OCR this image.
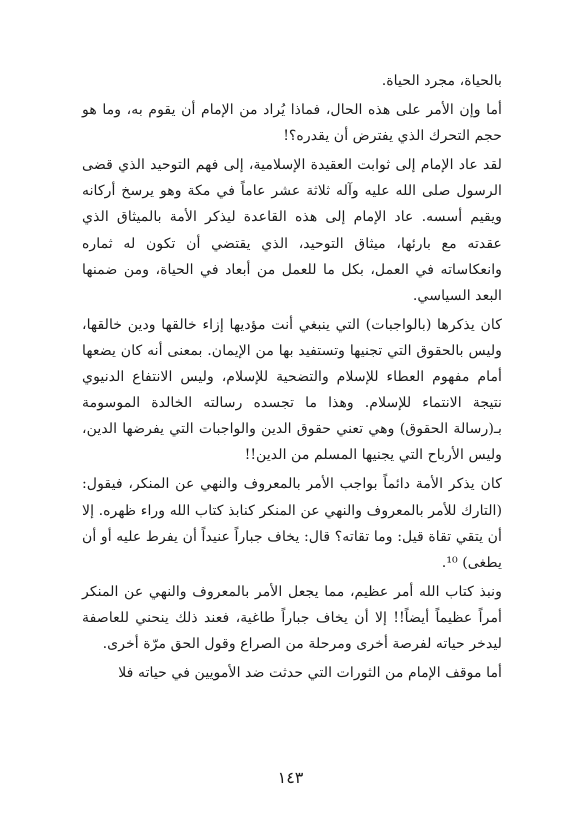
بالحياة، مجرد الحياة.

أما وإن الأمر على هذه الحال، فماذا يُراد من الإمام أن يقوم به، وما هو حجم التحرك الذي يفترض أن يقدره؟!

لقد عاد الإمام إلى ثوابت العقيدة الإسلامية، إلى فهم التوحيد الذي قضى الرسول صلى الله عليه وآله ثلاثة عشر عاماً في مكة وهو يرسخ أركانه ويقيم أسسه. عاد الإمام إلى هذه القاعدة ليذكر الأمة بالميثاق الذي عقدته مع بارئها، ميثاق التوحيد، الذي يقتضي أن تكون له ثماره وانعكاساته في العمل، بكل ما للعمل من أبعاد في الحياة، ومن ضمنها البعد السياسي.

كان يذكرها (بالواجبات) التي ينبغي أنت مؤديها إزاء خالقها ودين خالقها، وليس بالحقوق التي تجنيها وتستفيد بها من الإيمان. بمعنى أنه كان يضعها أمام مفهوم العطاء للإسلام والتضحية للإسلام، وليس الانتفاع الدنيوي نتيجة الانتماء للإسلام. وهذا ما تجسده رسالته الخالدة الموسومة بـ(رسالة الحقوق) وهي تعني حقوق الدين والواجبات التي يفرضها الدين، وليس الأرباح التي يجنيها المسلم من الدين!!

كان يذكر الأمة دائماً بواجب الأمر بالمعروف والنهي عن المنكر، فيقول: (التارك للأمر بالمعروف والنهي عن المنكر كنابذ كتاب الله وراء ظهره. إلا أن يتقي تقاة قيل: وما تقاته؟ قال: يخاف جباراً عنيداً أن يفرط عليه أو أن يطغى) ¹⁰.

ونبذ كتاب الله أمر عظيم، مما يجعل الأمر بالمعروف والنهي عن المنكر أمراً عظيماً أيضاً!! إلا أن يخاف جباراً طاغية، فعند ذلك ينحني للعاصفة ليدخر حياته لفرصة أخرى ومرحلة من الصراع وقول الحق مرّة أخرى.

أما موقف الإمام من الثورات التي حدثت ضد الأمويين في حياته فلا

١٤٣
